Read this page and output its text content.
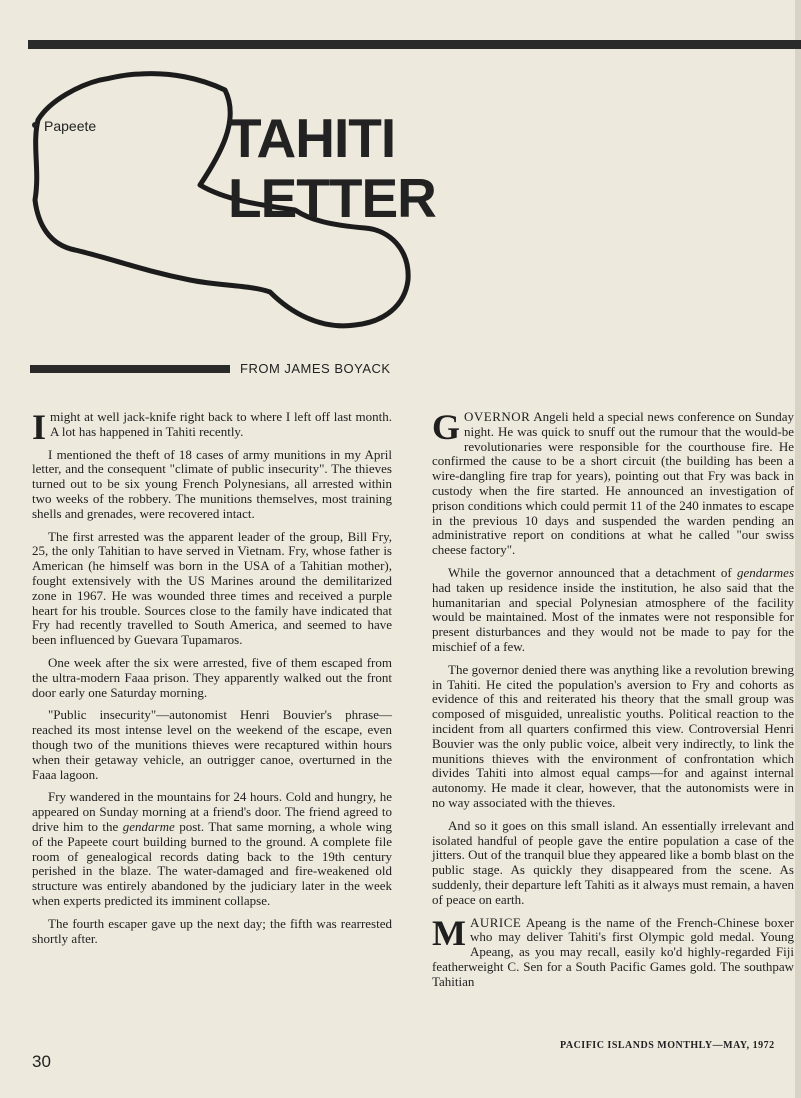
Papeete TAHITI
LETTER
FROM JAMES BOYACK

I might at well jack-knife right back to where I left off last month. A lot has happened in Tahiti recently.

I mentioned the theft of 18 cases of army munitions in my April letter, and the consequent "climate of public insecurity". The thieves turned out to be six young French Polynesians, all arrested within two weeks of the robbery. The munitions themselves, most training shells and grenades, were recovered intact.

The first arrested was the apparent leader of the group, Bill Fry, 25, the only Tahitian to have served in Vietnam. Fry, whose father is American (he himself was born in the USA of a Tahitian mother), fought extensively with the US Marines around the demilitarized zone in 1967. He was wounded three times and received a purple heart for his trouble. Sources close to the family have indicated that Fry had recently travelled to South America, and seemed to have been influenced by Guevara Tupamaros.

One week after the six were arrested, five of them escaped from the ultra-modern Faaa prison. They apparently walked out the front door early one Saturday morning.

"Public insecurity"—autonomist Henri Bouvier's phrase—reached its most intense level on the weekend of the escape, even though two of the munitions thieves were recaptured within hours when their getaway vehicle, an outrigger canoe, overturned in the Faaa lagoon.

Fry wandered in the mountains for 24 hours. Cold and hungry, he appeared on Sunday morning at a friend's door. The friend agreed to drive him to the gendarme post. That same morning, a whole wing of the Papeete court building burned to the ground. A complete file room of genealogical records dating back to the 19th century perished in the blaze. The water-damaged and fire-weakened old structure was entirely abandoned by the judiciary later in the week when experts predicted its imminent collapse.

The fourth escaper gave up the next day; the fifth was rearrested shortly after.

GOVERNOR Angeli held a special news conference on Sunday night. He was quick to snuff out the rumour that the would-be revolutionaries were responsible for the courthouse fire. He confirmed the cause to be a short circuit (the building has been a wire-dangling fire trap for years), pointing out that Fry was back in custody when the fire started. He announced an investigation of prison conditions which could permit 11 of the 240 inmates to escape in the previous 10 days and suspended the warden pending an administrative report on conditions at what he called "our swiss cheese factory".

While the governor announced that a detachment of gendarmes had taken up residence inside the institution, he also said that the humanitarian and special Polynesian atmosphere of the facility would be maintained. Most of the inmates were not responsible for present disturbances and they would not be made to pay for the mischief of a few.

The governor denied there was anything like a revolution brewing in Tahiti. He cited the population's aversion to Fry and cohorts as evidence of this and reiterated his theory that the small group was composed of misguided, unrealistic youths. Political reaction to the incident from all quarters confirmed this view. Controversial Henri Bouvier was the only public voice, albeit very indirectly, to link the munitions thieves with the environment of confrontation which divides Tahiti into almost equal camps—for and against internal autonomy. He made it clear, however, that the autonomists were in no way associated with the thieves.

And so it goes on this small island. An essentially irrelevant and isolated handful of people gave the entire population a case of the jitters. Out of the tranquil blue they appeared like a bomb blast on the public stage. As quickly they disappeared from the scene. As suddenly, their departure left Tahiti as it always must remain, a haven of peace on earth.

MAURICE Apeang is the name of the French-Chinese boxer who may deliver Tahiti's first Olympic gold medal. Young Apeang, as you may recall, easily ko'd highly-regarded Fiji featherweight C. Sen for a South Pacific Games gold. The southpaw Tahitian

30
PACIFIC ISLANDS MONTHLY—MAY, 1972
